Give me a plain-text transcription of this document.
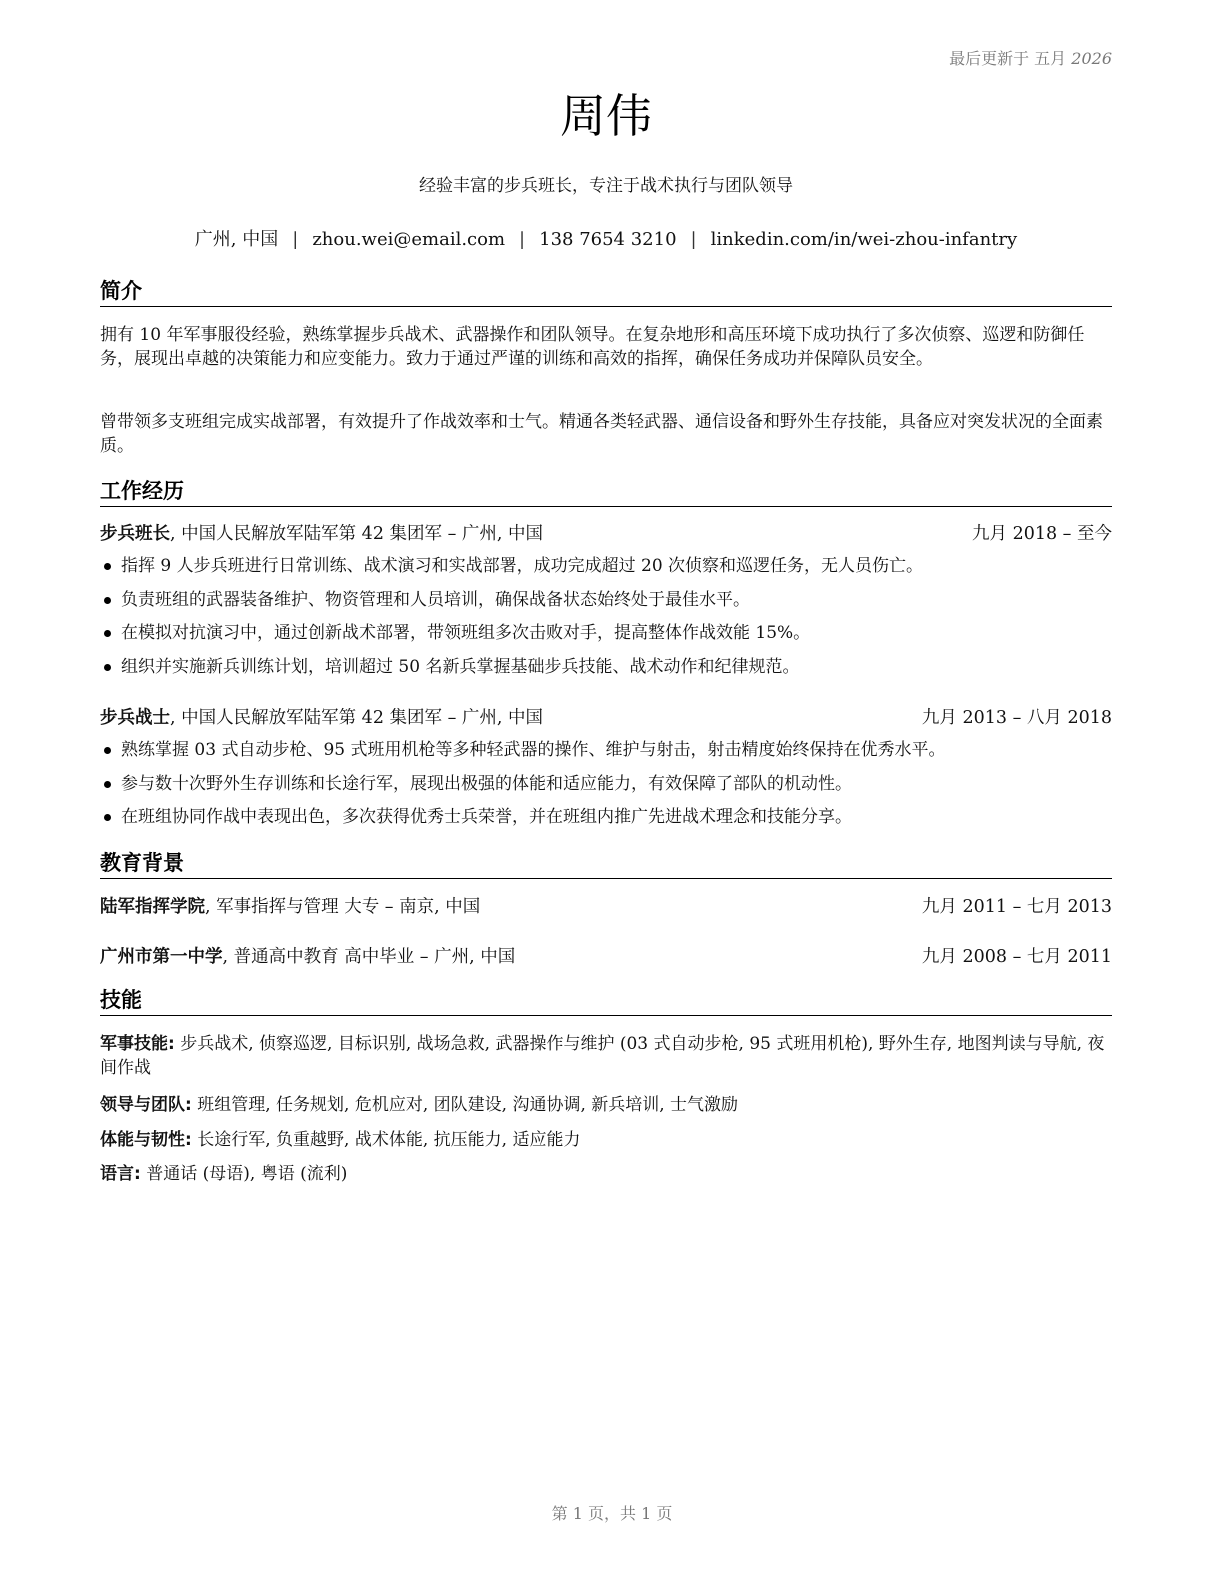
最后更新于 五月 2026
周伟
经验丰富的步兵班长，专注于战术执行与团队领导
广州, 中国 | zhou.wei@email.com | 138 7654 3210 | linkedin.com/in/wei-zhou-infantry
简介
拥有 10 年军事服役经验，熟练掌握步兵战术、武器操作和团队领导。在复杂地形和高压环境下成功执行了多次侦察、巡逻和防御任务，展现出卓越的决策能力和应变能力。致力于通过严谨的训练和高效的指挥，确保任务成功并保障队员安全。
曾带领多支班组完成实战部署，有效提升了作战效率和士气。精通各类轻武器、通信设备和野外生存技能，具备应对突发状况的全面素质。
工作经历
步兵班长, 中国人民解放军陆军第 42 集团军 – 广州, 中国	九月 2018 – 至今
指挥 9 人步兵班进行日常训练、战术演习和实战部署，成功完成超过 20 次侦察和巡逻任务，无人员伤亡。
负责班组的武器装备维护、物资管理和人员培训，确保战备状态始终处于最佳水平。
在模拟对抗演习中，通过创新战术部署，带领班组多次击败对手，提高整体作战效能 15%。
组织并实施新兵训练计划，培训超过 50 名新兵掌握基础步兵技能、战术动作和纪律规范。
步兵战士, 中国人民解放军陆军第 42 集团军 – 广州, 中国	九月 2013 – 八月 2018
熟练掌握 03 式自动步枪、95 式班用机枪等多种轻武器的操作、维护与射击，射击精度始终保持在优秀水平。
参与数十次野外生存训练和长途行军，展现出极强的体能和适应能力，有效保障了部队的机动性。
在班组协同作战中表现出色，多次获得优秀士兵荣誉，并在班组内推广先进战术理念和技能分享。
教育背景
陆军指挥学院, 军事指挥与管理 大专 – 南京, 中国	九月 2011 – 七月 2013
广州市第一中学, 普通高中教育 高中毕业 – 广州, 中国	九月 2008 – 七月 2011
技能
军事技能: 步兵战术, 侦察巡逻, 目标识别, 战场急救, 武器操作与维护 (03 式自动步枪, 95 式班用机枪), 野外生存, 地图判读与导航, 夜间作战
领导与团队: 班组管理, 任务规划, 危机应对, 团队建设, 沟通协调, 新兵培训, 士气激励
体能与韧性: 长途行军, 负重越野, 战术体能, 抗压能力, 适应能力
语言: 普通话 (母语), 粤语 (流利)
第 1 页，共 1 页
